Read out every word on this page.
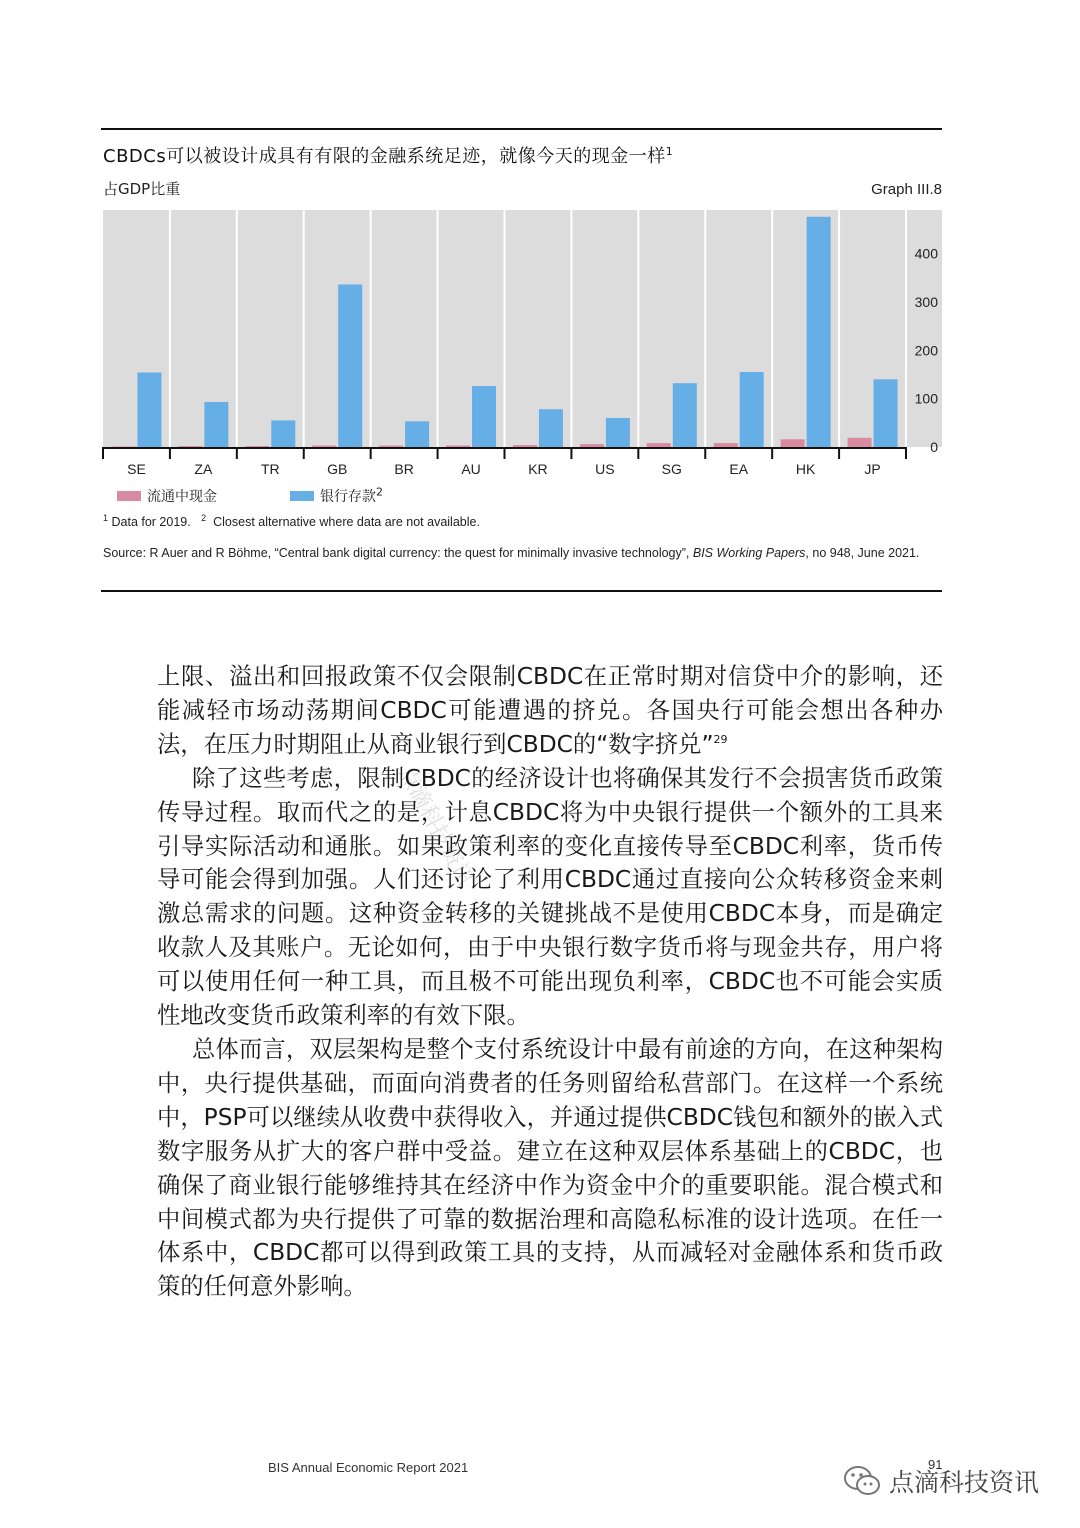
CBDCs可以被设计成具有有限的金融系统足迹，就像今天的现金一样$^1$
占GDP比重	Graph III.8
SE	ZA	TR	GB	BR	AU	KR	US	SG	EA	HK	JP
0
100
200
300
400
流通中现金	银行存款$^2$
$^1$ Data for 2019. $^2$ Closest alternative where data are not available.
Source: R Auer and R Böhme, “Central bank digital currency: the quest for minimally invasive technology”, BIS Working Papers, no 948, June 2021.
点滴科技资讯

上限、溢出和回报政策不仅会限制CBDC在正常时期对信贷中介的影响，还能减轻市场动荡期间CBDC可能遭遇的挤兑。各国央行可能会想出各种办法，在压力时期阻止从商业银行到CBDC的“数字挤兑”$^{29}$

除了这些考虑，限制CBDC的经济设计也将确保其发行不会损害货币政策传导过程。取而代之的是，计息CBDC将为中央银行提供一个额外的工具来引导实际活动和通胀。如果政策利率的变化直接传导至CBDC利率，货币传导可能会得到加强。人们还讨论了利用CBDC通过直接向公众转移资金来刺激总需求的问题。这种资金转移的关键挑战不是使用CBDC本身，而是确定收款人及其账户。无论如何，由于中央银行数字货币将与现金共存，用户将可以使用任何一种工具，而且极不可能出现负利率，CBDC也不可能会实质性地改变货币政策利率的有效下限。

总体而言，双层架构是整个支付系统设计中最有前途的方向，在这种架构中，央行提供基础，而面向消费者的任务则留给私营部门。在这样一个系统中，PSP可以继续从收费中获得收入，并通过提供CBDC钱包和额外的嵌入式数字服务从扩大的客户群中受益。建立在这种双层体系基础上的CBDC，也确保了商业银行能够维持其在经济中作为资金中介的重要职能。混合模式和中间模式都为央行提供了可靠的数据治理和高隐私标准的设计选项。在任一体系中，CBDC都可以得到政策工具的支持，从而减轻对金融体系和货币政策的任何意外影响。

BIS Annual Economic Report 2021	91
点滴科技资讯
